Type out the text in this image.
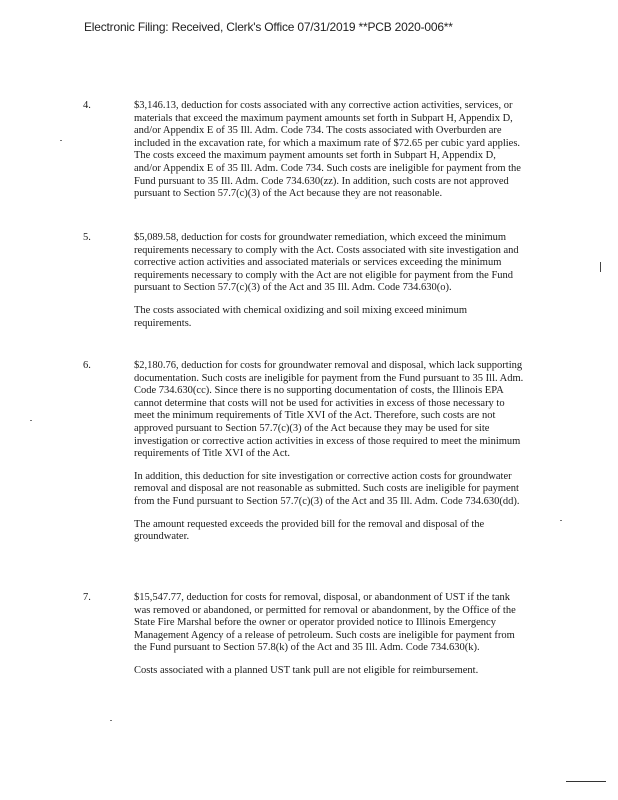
Electronic Filing: Received, Clerk's Office 07/31/2019 **PCB 2020-006**
4.	$3,146.13, deduction for costs associated with any corrective action activities, services, or materials that exceed the maximum payment amounts set forth in Subpart H, Appendix D, and/or Appendix E of 35 Ill. Adm. Code 734. The costs associated with Overburden are included in the excavation rate, for which a maximum rate of $72.65 per cubic yard applies. The costs exceed the maximum payment amounts set forth in Subpart H, Appendix D, and/or Appendix E of 35 Ill. Adm. Code 734. Such costs are ineligible for payment from the Fund pursuant to 35 Ill. Adm. Code 734.630(zz). In addition, such costs are not approved pursuant to Section 57.7(c)(3) of the Act because they are not reasonable.

5.	$5,089.58, deduction for costs for groundwater remediation, which exceed the minimum requirements necessary to comply with the Act. Costs associated with site investigation and corrective action activities and associated materials or services exceeding the minimum requirements necessary to comply with the Act are not eligible for payment from the Fund pursuant to Section 57.7(c)(3) of the Act and 35 Ill. Adm. Code 734.630(o).

The costs associated with chemical oxidizing and soil mixing exceed minimum requirements.

6.	$2,180.76, deduction for costs for groundwater removal and disposal, which lack supporting documentation. Such costs are ineligible for payment from the Fund pursuant to 35 Ill. Adm. Code 734.630(cc). Since there is no supporting documentation of costs, the Illinois EPA cannot determine that costs will not be used for activities in excess of those necessary to meet the minimum requirements of Title XVI of the Act. Therefore, such costs are not approved pursuant to Section 57.7(c)(3) of the Act because they may be used for site investigation or corrective action activities in excess of those required to meet the minimum requirements of Title XVI of the Act.

In addition, this deduction for site investigation or corrective action costs for groundwater removal and disposal are not reasonable as submitted. Such costs are ineligible for payment from the Fund pursuant to Section 57.7(c)(3) of the Act and 35 Ill. Adm. Code 734.630(dd).

The amount requested exceeds the provided bill for the removal and disposal of the groundwater.

7.	$15,547.77, deduction for costs for removal, disposal, or abandonment of UST if the tank was removed or abandoned, or permitted for removal or abandonment, by the Office of the State Fire Marshal before the owner or operator provided notice to Illinois Emergency Management Agency of a release of petroleum. Such costs are ineligible for payment from the Fund pursuant to Section 57.8(k) of the Act and 35 Ill. Adm. Code 734.630(k).

Costs associated with a planned UST tank pull are not eligible for reimbursement.
